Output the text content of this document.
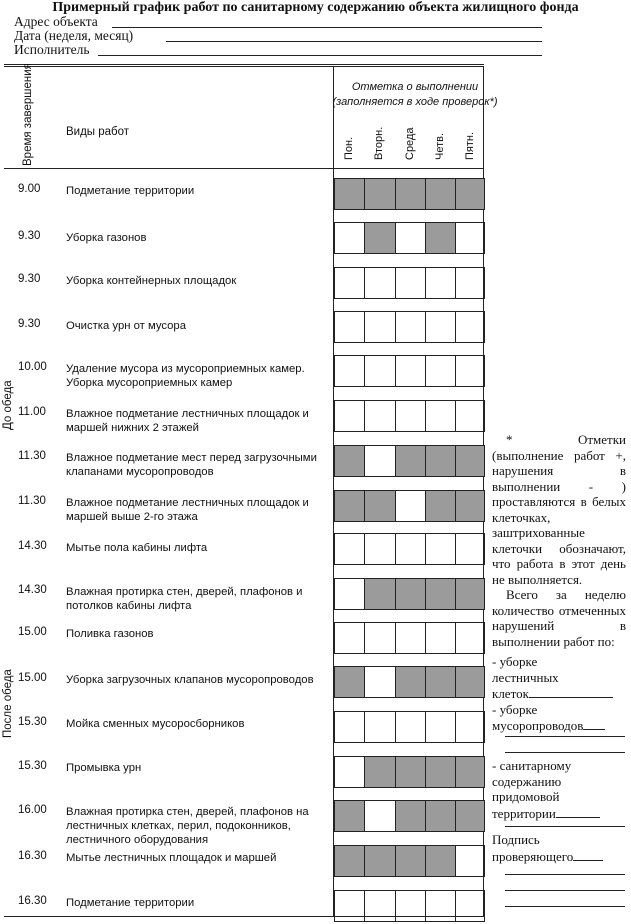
Примерный график работ по санитарному содержанию объекта жилищного фонда
Адрес объекта
Дата (неделя, месяц)
Исполнитель
Время завершения	Виды работ
Отметка о выполнении
(заполняется в ходе проверок*)
Пон. Вторн. Среда Четв. Пятн.
До обеда
После обеда
9.00	Подметание территории
9.30	Уборка газонов
9.30	Уборка контейнерных площадок
9.30	Очистка урн от мусора
10.00	Удаление мусора из мусороприемных камер. Уборка мусороприемных камер
11.00	Влажное подметание лестничных площадок и маршей нижних 2 этажей
11.30	Влажное подметание мест перед загрузочными клапанами мусоропроводов
11.30	Влажное подметание лестничных площадок и маршей выше 2-го этажа
14.30	Мытье пола кабины лифта
14.30	Влажная протирка стен, дверей, плафонов и потолков кабины лифта
15.00	Поливка газонов
15.00	Уборка загрузочных клапанов мусоропроводов
15.30	Мойка сменных мусоросборников
15.30	Промывка урн
16.00	Влажная протирка стен, дверей, плафонов на лестничных клетках, перил, подоконников, лестничного оборудования
16.30	Мытье лестничных площадок и маршей
16.30	Подметание территории

* Отметки (выполнение работ +, нарушения в выполнении - ) проставляются в белых клеточках, заштрихованные клеточки обозначают, что работа в этот день не выполняется.

Всего за неделю количество отмеченных нарушений в выполнении работ по:

- уборке
лестничных
клеток
- уборке
мусоропроводов
- санитарному
содержанию
придомовой
территории
Подпись
проверяющего
